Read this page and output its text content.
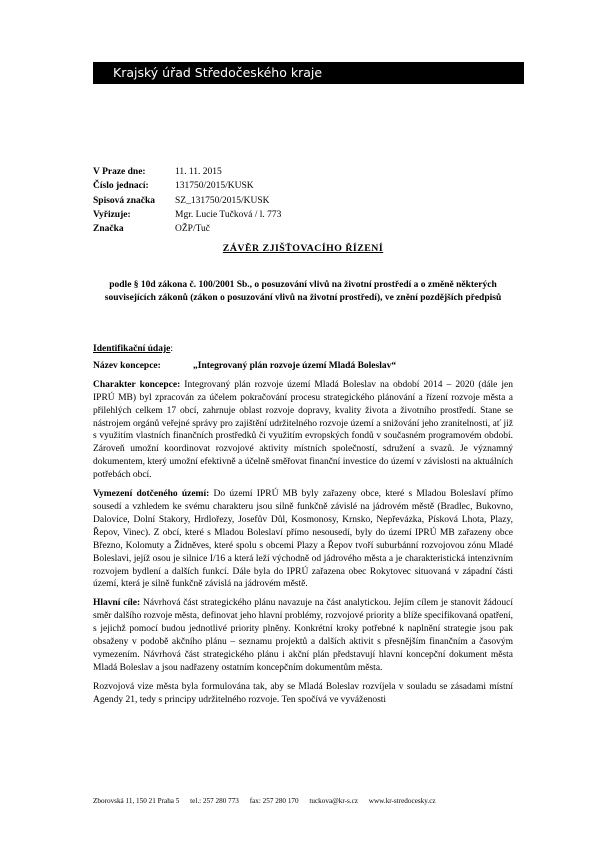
Krajský úřad Středočeského kraje
V Praze dne:	11. 11. 2015
Číslo jednací:	131750/2015/KUSK
Spisová značka	SZ_131750/2015/KUSK
Vyřizuje:	Mgr. Lucie Tučková / l. 773
Značka	OŽP/Tuč
ZÁVĚR ZJIŠŤOVACÍHO ŘÍZENÍ
podle § 10d zákona č. 100/2001 Sb., o posuzování vlivů na životní prostředí a o změně některých souvisejících zákonů (zákon o posuzování vlivů na životní prostředí), ve znění pozdějších předpisů

Identifikační údaje:

Název koncepce:	„Integrovaný plán rozvoje území Mladá Boleslav“

Charakter koncepce: Integrovaný plán rozvoje území Mladá Boleslav na období 2014 – 2020 (dále jen IPRÚ MB) byl zpracován za účelem pokračování procesu strategického plánování a řízení rozvoje města a přilehlých celkem 17 obcí, zahrnuje oblast rozvoje dopravy, kvality života a životního prostředí. Stane se nástrojem orgánů veřejné správy pro zajištění udržitelného rozvoje území a snižování jeho zranitelnosti, ať již s využitím vlastních finančních prostředků či využitím evropských fondů v současném programovém období. Zároveň umožní koordinovat rozvojové aktivity místních společností, sdružení a svazů. Je významný dokumentem, který umožní efektivně a účelně směřovat finanční investice do území v závislosti na aktuálních potřebách obcí.

Vymezení dotčeného území: Do území IPRÚ MB byly zařazeny obce, které s Mladou Boleslaví přímo sousedí a vzhledem ke svému charakteru jsou silně funkčně závislé na jádrovém městě (Bradlec, Bukovno, Dalovice, Dolní Stakory, Hrdlořezy, Josefův Důl, Kosmonosy, Krnsko, Nepřevázka, Písková Lhota, Plazy, Řepov, Vinec). Z obcí, které s Mladou Boleslaví přímo nesousedí, byly do území IPRÚ MB zařazeny obce Březno, Kolomuty a Židněves, které spolu s obcemi Plazy a Řepov tvoří suburbánní rozvojovou zónu Mladé Boleslavi, jejíž osou je silnice I/16 a která leží východně od jádrového města a je charakteristická intenzivním rozvojem bydlení a dalších funkcí. Dále byla do IPRÚ zařazena obec Rokytovec situovaná v západní části území, která je silně funkčně závislá na jádrovém městě.

Hlavní cíle: Návrhová část strategického plánu navazuje na část analytickou. Jejím cílem je stanovit žádoucí směr dalšího rozvoje města, definovat jeho hlavní problémy, rozvojové priority a blíže specifikovaná opatření, s jejichž pomocí budou jednotlivé priority plněny. Konkrétní kroky potřebné k naplnění strategie jsou pak obsaženy v podobě akčního plánu – seznamu projektů a dalších aktivit s přesnějším finančním a časovým vymezením. Návrhová část strategického plánu i akční plán představují hlavní koncepční dokument města Mladá Boleslav a jsou nadřazeny ostatním koncepčním dokumentům města.

Rozvojová vize města byla formulována tak, aby se Mladá Boleslav rozvíjela v souladu se zásadami místní Agendy 21, tedy s principy udržitelného rozvoje. Ten spočívá ve vyváženosti

Zborovská 11, 150 21 Praha 5 tel.: 257 280 773 fax: 257 280 170 tuckova@kr-s.cz www.kr-stredocesky.cz
